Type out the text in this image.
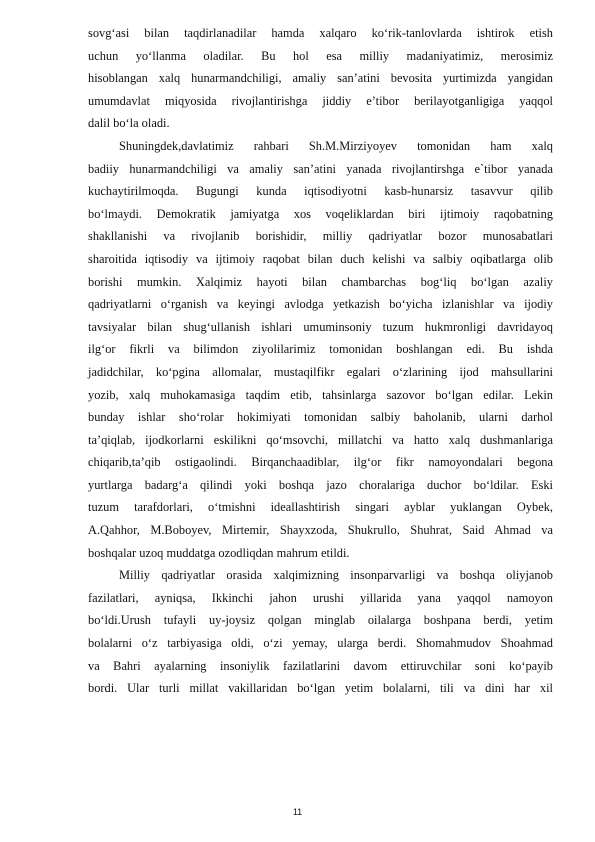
sovg‘asi bilan taqdirlanadilar hamda xalqaro ko‘rik-tanlovlarda ishtirok etish

uchun yo‘llanma oladilar. Bu hol esa milliy madaniyatimiz, merosimiz

hisoblangan xalq hunarmandchiligi, amaliy san’atini bevosita yurtimizda yangidan

umumdavlat miqyosida rivojlantirishga jiddiy e’tibor berilayotganligiga yaqqol

dalil bo‘la oladi.

Shuningdek,davlatimiz rahbari Sh.M.Mirziyoyev tomonidan ham xalq

badiiy hunarmandchiligi va amaliy san’atini yanada rivojlantirshga e`tibor yanada

kuchaytirilmoqda. Bugungi kunda iqtisodiyotni kasb-hunarsiz tasavvur qilib

bo‘lmaydi. Demokratik jamiyatga xos voqeliklardan biri ijtimoiy raqobatning

shakllanishi va rivojlanib borishidir, milliy qadriyatlar bozor munosabatlari

sharoitida iqtisodiy va ijtimoiy raqobat bilan duch kelishi va salbiy oqibatlarga olib

borishi mumkin. Xalqimiz hayoti bilan chambarchas bog‘liq bo‘lgan azaliy

qadriyatlarni o‘rganish va keyingi avlodga yetkazish bo‘yicha izlanishlar va ijodiy

tavsiyalar bilan shug‘ullanish ishlari umuminsoniy tuzum hukmronligi davridayoq

ilg‘or fikrli va bilimdon ziyolilarimiz tomonidan boshlangan edi. Bu ishda

jadidchilar, ko‘pgina allomalar, mustaqilfikr egalari o‘zlarining ijod mahsullarini

yozib, xalq muhokamasiga taqdim etib, tahsinlarga sazovor bo‘lgan edilar. Lekin

bunday ishlar sho‘rolar hokimiyati tomonidan salbiy baholanib, ularni darhol

ta’qiqlab, ijodkorlarni eskilikni qo‘msovchi, millatchi va hatto xalq dushmanlariga

chiqarib,ta’qib ostigaolindi. Birqanchaadiblar, ilg‘or fikr namoyondalari begona

yurtlarga badarg‘a qilindi yoki boshqa jazo choralariga duchor bo‘ldilar. Eski

tuzum tarafdorlari, o‘tmishni ideallashtirish singari ayblar yuklangan Oybek,

A.Qahhor, M.Boboyev, Mirtemir, Shayxzoda, Shukrullo, Shuhrat, Said Ahmad va

boshqalar uzoq muddatga ozodliqdan mahrum etildi.

Milliy qadriyatlar orasida xalqimizning insonparvarligi va boshqa oliyjanob

fazilatlari, ayniqsa, Ikkinchi jahon urushi yillarida yana yaqqol namoyon

bo‘ldi.Urush tufayli uy-joysiz qolgan minglab oilalarga boshpana berdi, yetim

bolalarni o‘z tarbiyasiga oldi, o‘zi yemay, ularga berdi. Shomahmudov Shoahmad

va Bahri ayalarning insoniylik fazilatlarini davom ettiruvchilar soni ko‘payib

bordi. Ular turli millat vakillaridan bo‘lgan yetim bolalarni, tili va dini har xil

11
